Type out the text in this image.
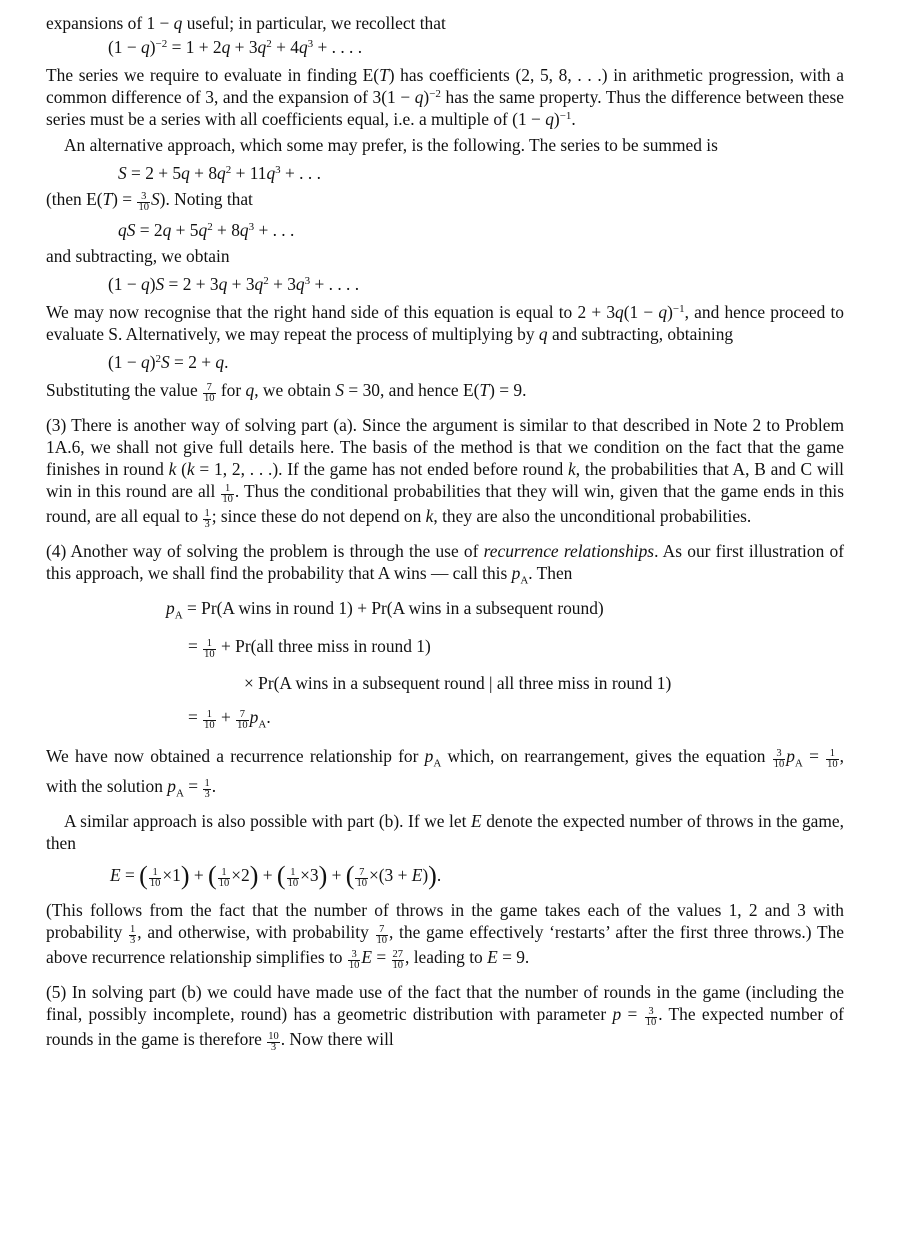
expansions of 1 − q useful; in particular, we recollect that

$(1 - q)^{-2} = 1 + 2q + 3q^2 + 4q^3$ + . . . .

The series we require to evaluate in finding E(T) has coefficients (2, 5, 8, . . .) in arithmetic progression, with a common difference of 3, and the expansion of $3(1 - q)^{-2}$ has the same property. Thus the difference between these series must be a series with all coefficients equal, i.e. a multiple of $(1 - q)^{-1}$.

An alternative approach, which some may prefer, is the following. The series to be summed is

$S = 2 + 5q + 8q^2 + 11q^3$ + . . .

(then $E(T) = \frac{3}{10} S$). Noting that

qS = $2q + 5q^2 + 8q^3$ + . . .

and subtracting, we obtain

$(1 - q)S = 2 + 3q + 3q^2 + 3q^3$ + . . . .

We may now recognise that the right hand side of this equation is equal to $2 + 3q(1 - q)^{-1}$, and hence proceed to evaluate S. Alternatively, we may repeat the process of multiplying by q and subtracting, obtaining

$(1 - q)^2S = 2 + q$.

Substituting the value $\frac{7}{10}$ for q, we obtain S = 30, and hence E(T) = 9.

(3) There is another way of solving part (a). Since the argument is similar to that described in Note 2 to Problem 1A.6, we shall not give full details here. The basis of the method is that we condition on the fact that the game finishes in round k (k = 1, 2, . . .). If the game has not ended before round k, the probabilities that A, B and C will win in this round are all $\frac{1}{10}$ . Thus the conditional probabilities that they will win, given that the game ends in this round, are all equal to $\frac{1}{3}$ ; since these do not depend on k, they are also the unconditional probabilities.

(4) Another way of solving the problem is through the use of recurrence relationships. As our first illustration of this approach, we shall find the probability that A wins — call this $p_A$. Then

$p_A = Pr(A$ wins in round 1) + Pr(A wins in a subsequent round)
= $\frac{1}{10} + Pr(all$ three miss in round 1)
× Pr(A wins in a subsequent round | all three miss in round 1)
= $\frac{1}{10} + \frac{7}{10} p_A$.

We have now obtained a recurrence relationship for $p_A$ which, on rearrangement, gives the equation $\frac{3}{10} p_A = \frac{1}{10}$ , with the solution $p_A = \frac{1}{3}$ .

A similar approach is also possible with part (b). If we let E denote the expected number of throws in the game, then

E = ( $\frac{1}{10} \times 1$) + ( $\frac{1}{10} \times 2$) + ( $\frac{1}{10} \times 3$) + ( $\frac{7}{10} \times(3 + E)$).

(This follows from the fact that the number of throws in the game takes each of the values 1, 2 and 3 with probability $\frac{1}{3}$ , and otherwise, with probability $\frac{7}{10}$ , the game effectively ‘restarts’ after the first three throws.) The above recurrence relationship simplifies to $\frac{3}{10}$ $E = \frac{27}{10}$ , leading to E = 9.

(5) In solving part (b) we could have made use of the fact that the number of rounds in the game (including the final, possibly incomplete, round) has a geometric distribution with parameter $p = \frac{3}{10}$ . The expected number of rounds in the game is therefore $\frac{10}{3}$ . Now there will
